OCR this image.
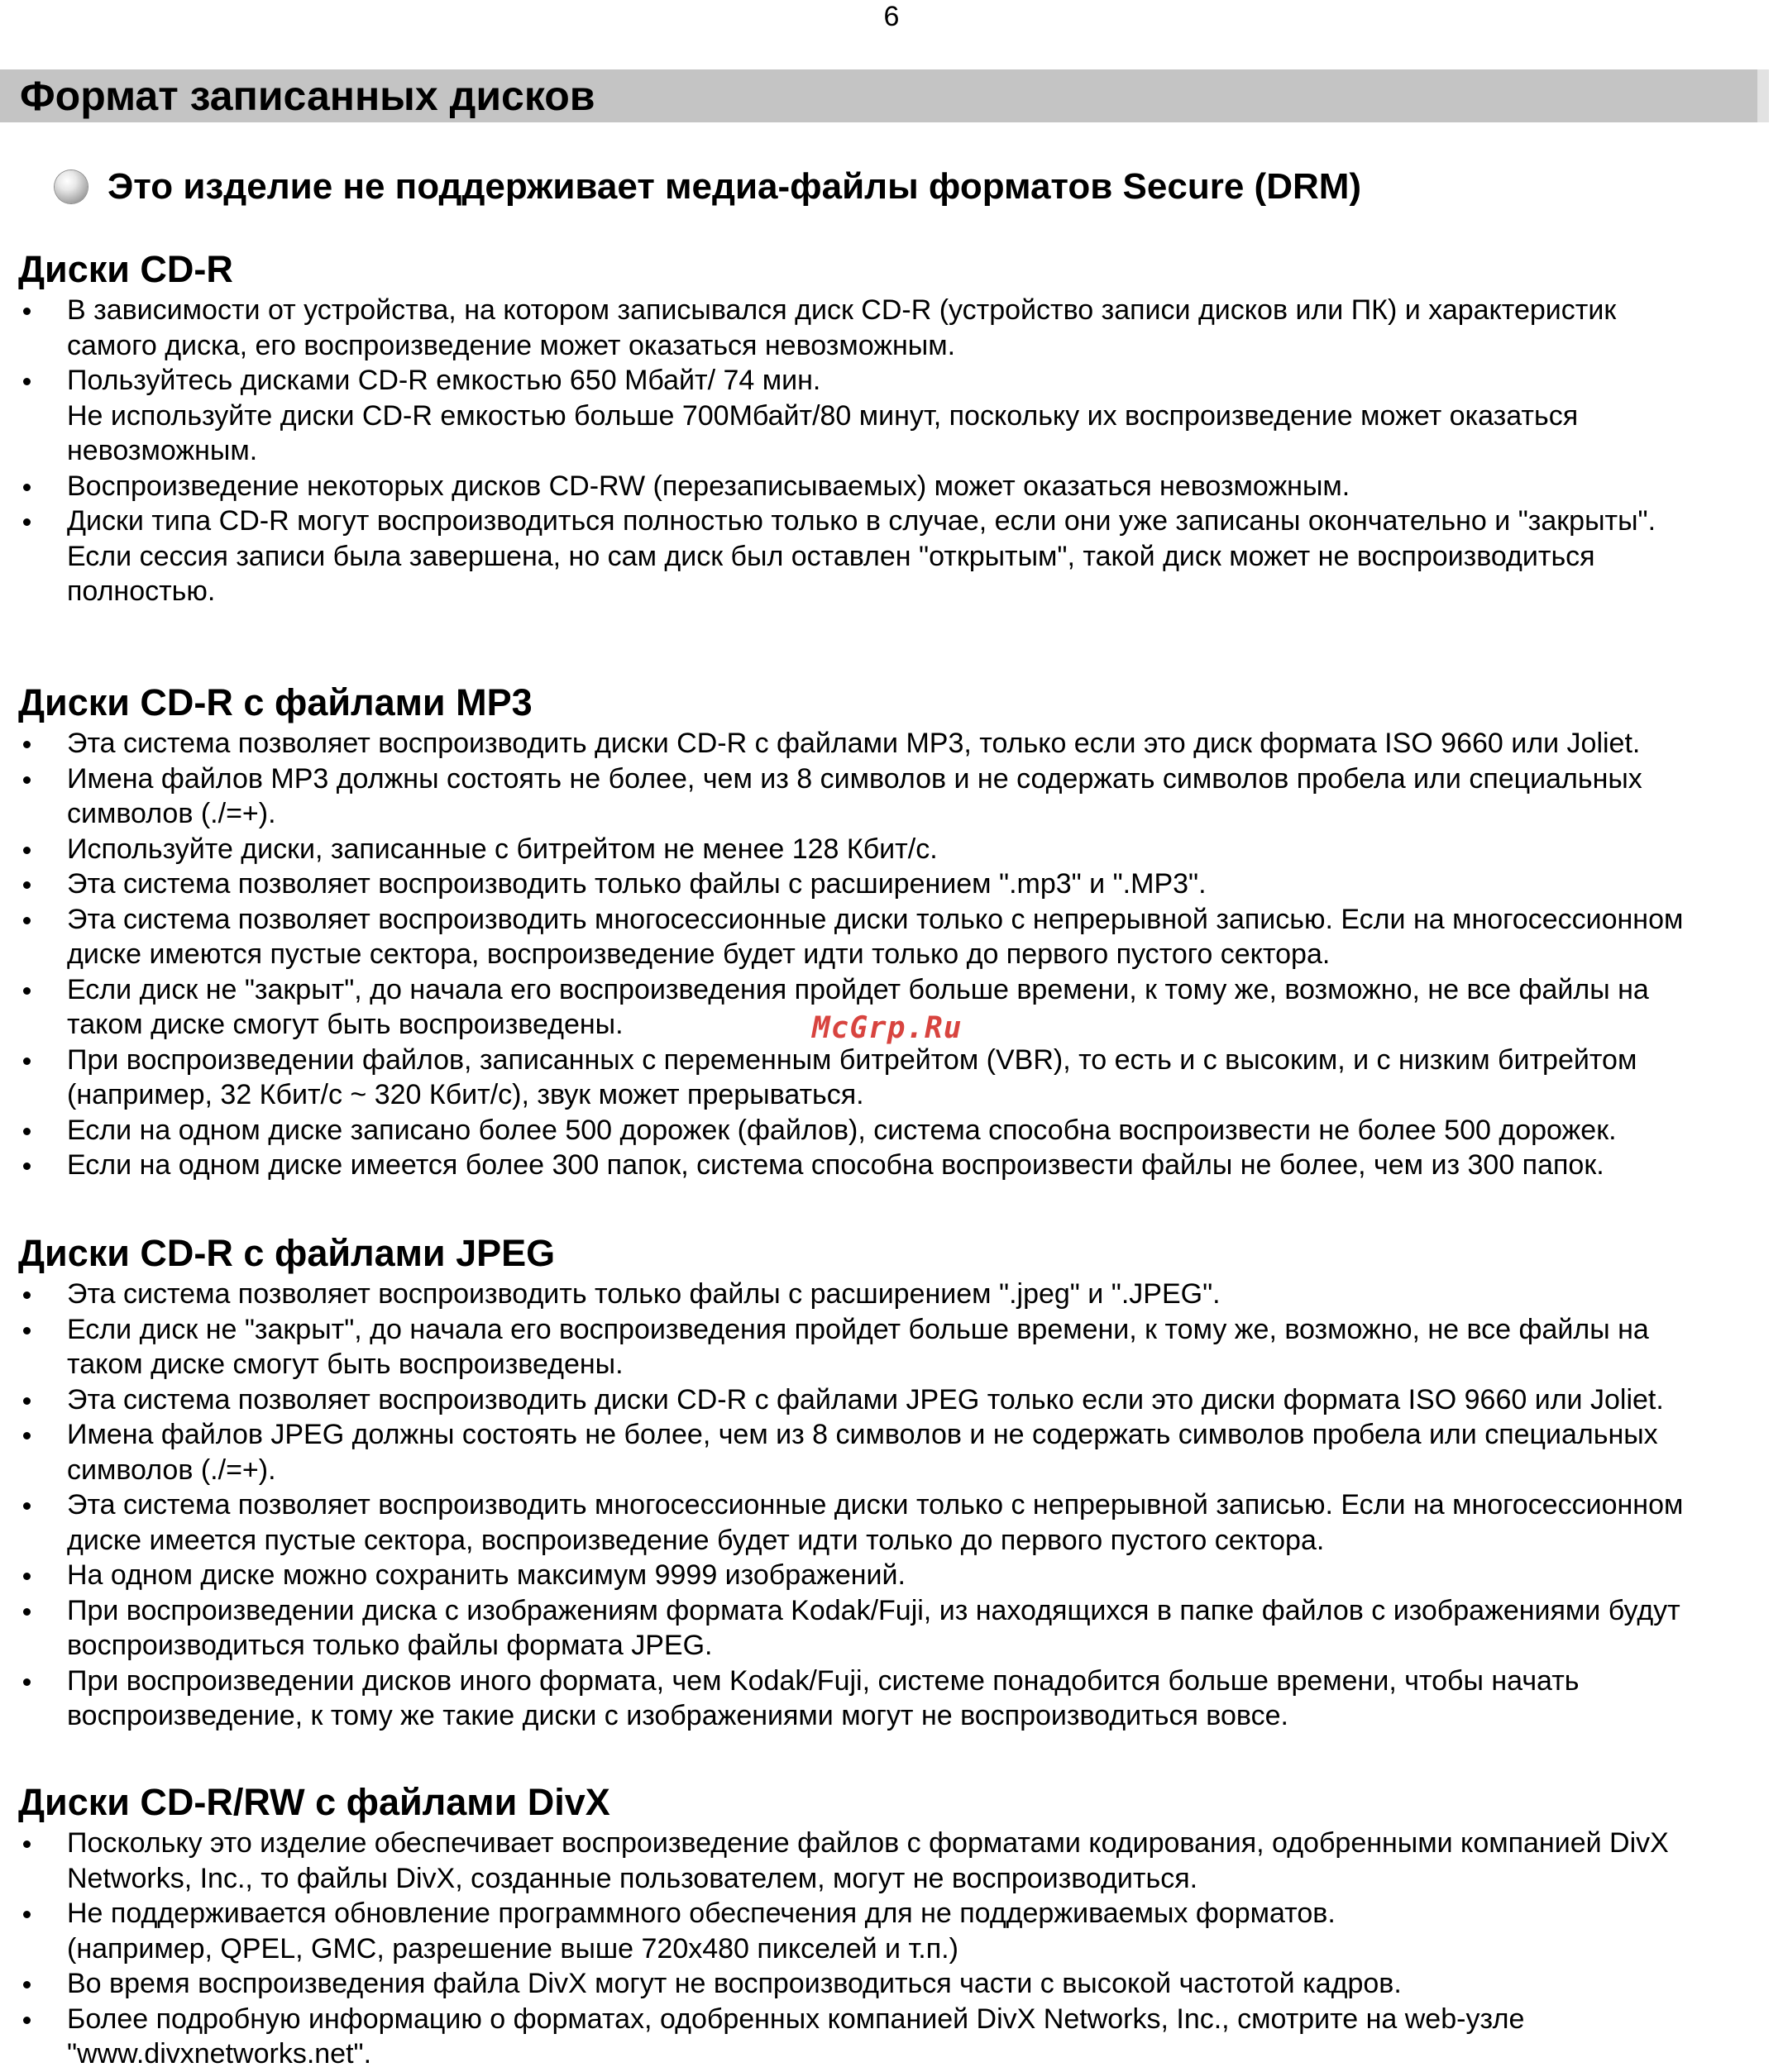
6
Формат записанных дисков
Это изделие не поддерживает медиа-файлы форматов Secure (DRM)
Диски CD-R
В зависимости от устройства, на котором записывался диск CD-R (устройство записи дисков или ПК) и характеристик
самого диска, его воспроизведение может оказаться невозможным.
Пользуйтесь дисками CD-R емкостью 650 Мбайт/ 74 мин.
Не используйте диски CD-R емкостью больше 700Мбайт/80 минут, поскольку их воспроизведение может оказаться
невозможным.
Воспроизведение некоторых дисков CD-RW (перезаписываемых) может оказаться невозможным.
Диски типа CD-R могут воспроизводиться полностью только в случае, если они уже записаны окончательно и "закрыты".
Если сессия записи была завершена, но сам диск был оставлен "открытым", такой диск может не воспроизводиться
полностью.
Диски CD-R с файлами MP3
Эта система позволяет воспроизводить диски CD-R с файлами MP3, только если это диск формата ISO 9660 или Joliet.
Имена файлов MP3 должны состоять не более, чем из 8 символов и не содержать символов пробела или специальных
символов (./=+).
Используйте диски, записанные с битрейтом не менее 128 Кбит/с.
Эта система позволяет воспроизводить только файлы с расширением ".mp3" и ".MP3".
Эта система позволяет воспроизводить многосессионные диски только с непрерывной записью. Если на многосессионном
диске имеются пустые сектора, воспроизведение будет идти только до первого пустого сектора.
Если диск не "закрыт", до начала его воспроизведения пройдет больше времени, к тому же, возможно, не все файлы на
таком диске смогут быть воспроизведены.
При воспроизведении файлов, записанных с переменным битрейтом (VBR), то есть и с высоким, и с низким битрейтом
(например, 32 Кбит/с ~ 320 Кбит/с), звук может прерываться.
Если на одном диске записано более 500 дорожек (файлов), система способна воспроизвести не более 500 дорожек.
Если на одном диске имеется более 300 папок, система способна воспроизвести файлы не более, чем из 300 папок.
McGrp.Ru
Диски CD-R с файлами JPEG
Эта система позволяет воспроизводить только файлы с расширением ".jpeg" и ".JPEG".
Если диск не "закрыт", до начала его воспроизведения пройдет больше времени, к тому же, возможно, не все файлы на
таком диске смогут быть воспроизведены.
Эта система позволяет воспроизводить диски CD-R с файлами JPEG только если это диски формата ISO 9660 или Joliet.
Имена файлов JPEG должны состоять не более, чем из 8 символов и не содержать символов пробела или специальных
символов (./=+).
Эта система позволяет воспроизводить многосессионные диски только с непрерывной записью. Если на многосессионном
диске имеется пустые сектора, воспроизведение будет идти только до первого пустого сектора.
На одном диске можно сохранить максимум 9999 изображений.
При воспроизведении диска с изображениям формата Kodak/Fuji, из находящихся в папке файлов с изображениями будут
воспроизводиться только файлы формата JPEG.
При воспроизведении дисков иного формата, чем Kodak/Fuji, системе понадобится больше времени, чтобы начать
воспроизведение, к тому же такие диски с изображениями могут не воспроизводиться вовсе.
Диски CD-R/RW с файлами DivX
Поскольку это изделие обеспечивает воспроизведение файлов с форматами кодирования, одобренными компанией DivX
Networks, Inc., то файлы DivX, созданные пользователем, могут не воспроизводиться.
Не поддерживается обновление программного обеспечения для не поддерживаемых форматов.
(например, QPEL, GMC, разрешение выше 720x480 пикселей и т.п.)
Во время воспроизведения файла DivX могут не воспроизводиться части с высокой частотой кадров.
Более подробную информацию о форматах, одобренных компанией DivX Networks, Inc., смотрите на web-узле
"www.divxnetworks.net".
